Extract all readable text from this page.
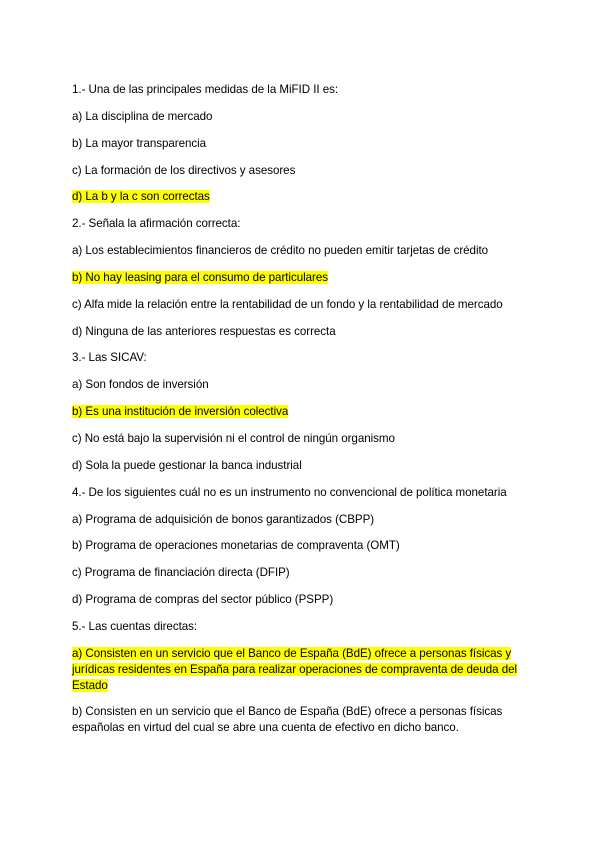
1.- Una de las principales medidas de la MiFID II es:
a) La disciplina de mercado
b) La mayor transparencia
c) La formación de los directivos y asesores
d) La b y la c son correctas
2.- Señala la afirmación correcta:
a) Los establecimientos financieros de crédito no pueden emitir tarjetas de crédito
b) No hay leasing para el consumo de particulares
c) Alfa mide la relación entre la rentabilidad de un fondo y la rentabilidad de mercado
d) Ninguna de las anteriores respuestas es correcta
3.- Las SICAV:
a) Son fondos de inversión
b) Es una institución de inversión colectiva
c) No está bajo la supervisión ni el control de ningún organismo
d) Sola la puede gestionar la banca industrial
4.- De los siguientes cuál no es un instrumento no convencional de política monetaria
a) Programa de adquisición de bonos garantizados (CBPP)
b) Programa de operaciones monetarias de compraventa (OMT)
c) Programa de financiación directa (DFIP)
d) Programa de compras del sector público (PSPP)
5.- Las cuentas directas:
a) Consisten en un servicio que el Banco de España (BdE) ofrece a personas físicas y jurídicas residentes en España para realizar operaciones de compraventa de deuda del Estado
b) Consisten en un servicio que el Banco de España (BdE) ofrece a personas físicas españolas en virtud del cual se abre una cuenta de efectivo en dicho banco.
